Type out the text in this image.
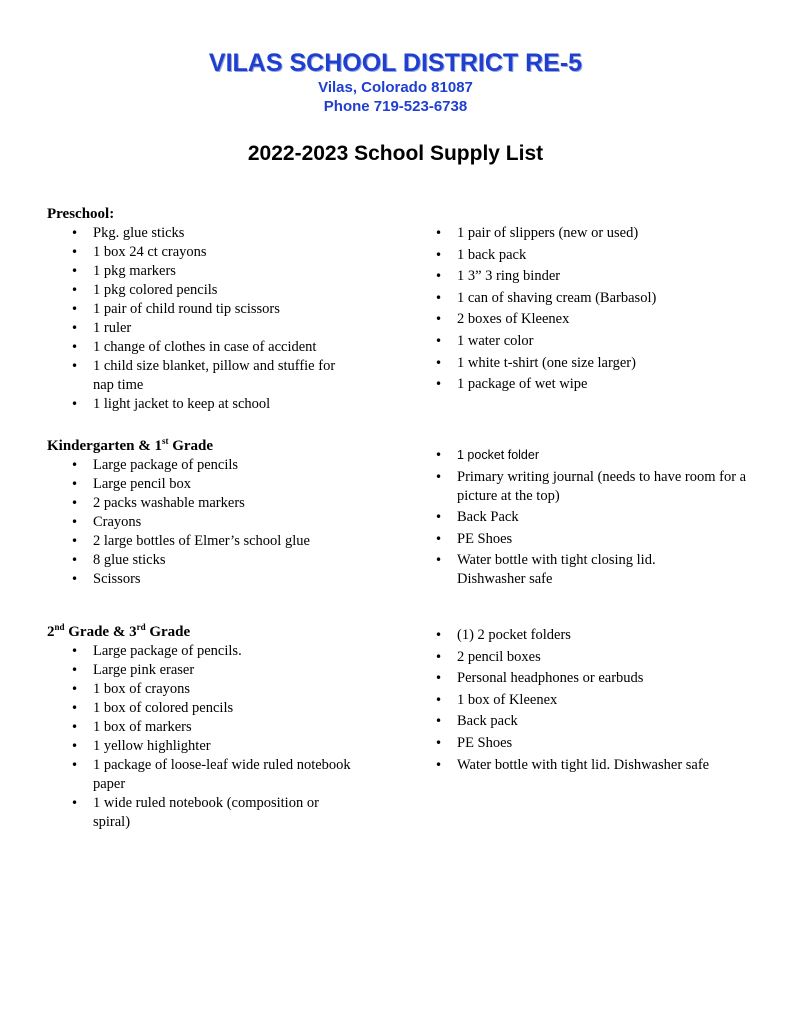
VILAS SCHOOL DISTRICT RE-5
Vilas, Colorado 81087
Phone 719-523-6738
2022-2023 School Supply List
Preschool:
• Pkg. glue sticks
• 1 box 24 ct crayons
• 1 pkg markers
• 1 pkg colored pencils
• 1 pair of child round tip scissors
• 1 ruler
• 1 change of clothes in case of accident
• 1 child size blanket, pillow and stuffie for nap time
• 1 light jacket to keep at school
• 1 pair of slippers (new or used)
• 1 back pack
• 1 3” 3 ring binder
• 1 can of shaving cream (Barbasol)
• 2 boxes of Kleenex
• 1 water color
• 1 white t-shirt (one size larger)
• 1 package of wet wipe
Kindergarten & 1st Grade
• Large package of pencils
• Large pencil box
• 2 packs washable markers
• Crayons
• 2 large bottles of Elmer’s school glue
• 8 glue sticks
• Scissors
• 1 pocket folder
• Primary writing journal (needs to have room for a picture at the top)
• Back Pack
• PE Shoes
• Water bottle with tight closing lid. Dishwasher safe
2nd Grade & 3rd Grade
• Large package of pencils.
• Large pink eraser
• 1 box of crayons
• 1 box of colored pencils
• 1 box of markers
• 1 yellow highlighter
• 1 package of loose-leaf wide ruled notebook paper
• 1 wide ruled notebook (composition or spiral)
• (1) 2 pocket folders
• 2 pencil boxes
• Personal headphones or earbuds
• 1 box of Kleenex
• Back pack
• PE Shoes
• Water bottle with tight lid. Dishwasher safe
